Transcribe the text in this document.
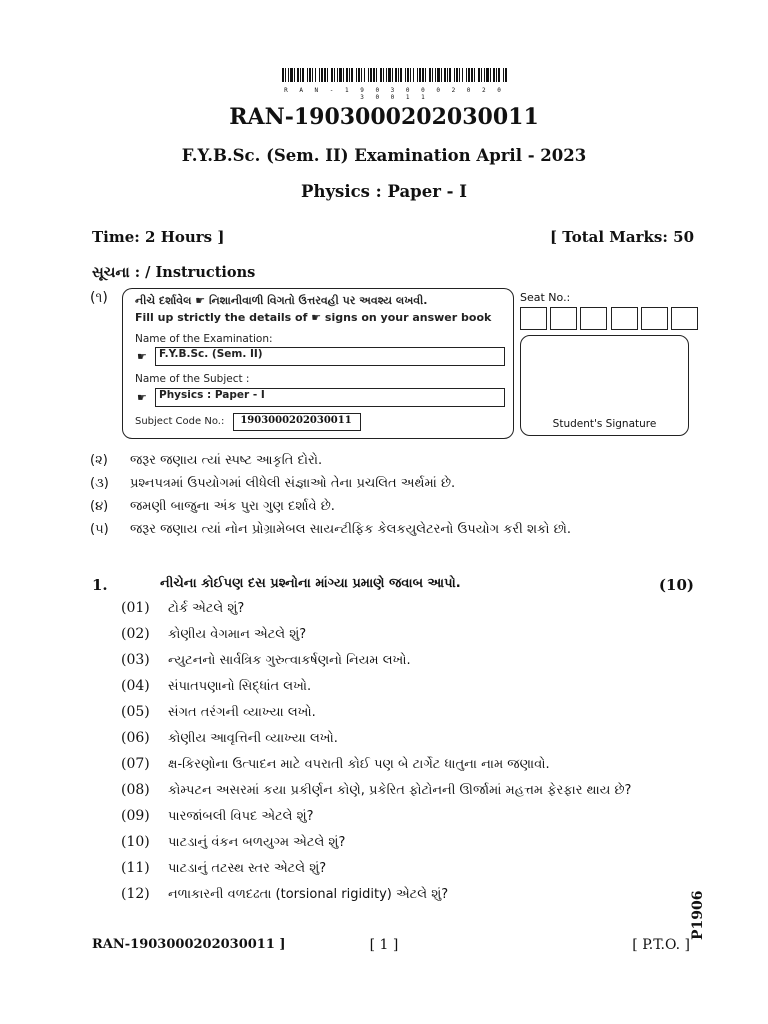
R A N - 1 9 0 3 0 0 0 2 0 2 0 3 0 0 1 1
RAN-1903000202030011
F.Y.B.Sc. (Sem. II) Examination April - 2023
Physics : Paper - I
Time: 2 Hours ]	[ Total Marks: 50
સૂચના : / Instructions
(૧) નીચે દર્શાવેલ ☛ નિશાનીવાળી વિગતો ઉત્તરવહી પર અવશ્ય લખવી.
Fill up strictly the details of ☛ signs on your answer book
Name of the Examination:
☛ F.Y.B.Sc. (Sem. II)
Name of the Subject :
☛ Physics : Paper - I
Subject Code No.:	1903000202030011
Seat No.:
Student's Signature
(૨) જરૂર જણાય ત્યાં સ્પષ્ટ આકૃતિ દોરો.
(૩) પ્રશ્નપત્રમાં ઉપયોગમાં લીધેલી સંજ્ઞાઓ તેના પ્રચલિત અર્થમાં છે.
(૪) જમણી બાજુના અંક પુરા ગુણ દર્શાવે છે.
(૫) જરૂર જણાય ત્યાં નોન પ્રોગ્રામેબલ સાયન્ટીફિક કેલકયુલેટરનો ઉપયોગ કરી શકો છો.
1.	નીચેના કોઈપણ દસ પ્રશ્નોના માંગ્યા પ્રમાણે જવાબ આપો.	(10)
(01) ટોર્ક એટલે શું?
(02) કોણીય વેગમાન એટલે શું?
(03) ન્યુટનનો સાર્વત્રિક ગુરુત્વાકર્ષણનો નિયમ લખો.
(04) સંપાતપણાનો સિદ્ધાંત લખો.
(05) સંગત તરંગની વ્યાખ્યા લખો.
(06) કોણીય આવૃત્તિની વ્યાખ્યા લખો.
(07) ક્ષ-કિરણોના ઉત્પાદન માટે વપરાતી કોઈ પણ બે ટાર્ગેટ ધાતુના નામ જણાવો.
(08) કોમ્પટન અસરમાં કયા પ્રકીર્ણન કોણે, પ્રકેરિત ફોટોનની ઊર્જામાં મહત્તમ ફેરફાર થાય છે?
(09) પારજાંબલી વિપદ એટલે શું?
(10) પાટડાનું વંકન બળયુગ્મ એટલે શું?
(11) પાટડાનું તટસ્થ સ્તર એટલે શું?
(12) નળાકારની વળદઢતા (torsional rigidity) એટલે શું?
RAN-1903000202030011 ]	[ 1 ]	[ P.T.O. ]
P1906
